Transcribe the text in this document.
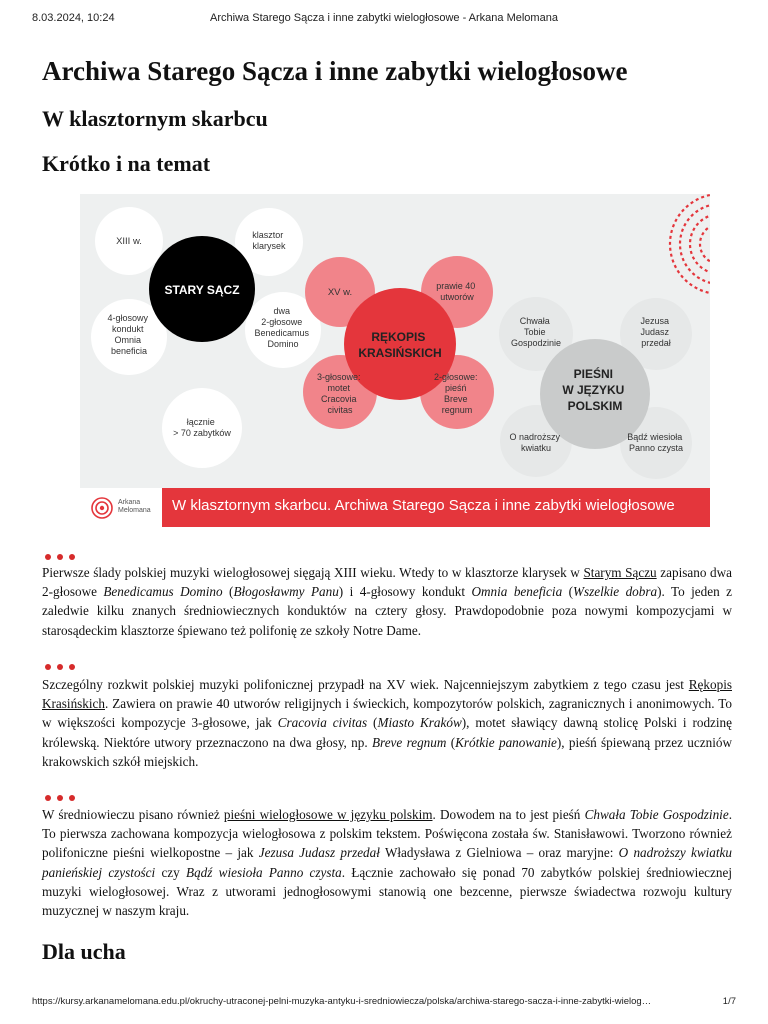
8.03.2024, 10:24	Archiwa Starego Sącza i inne zabytki wielogłosowe - Arkana Melomana
Archiwa Starego Sącza i inne zabytki wielogłosowe
W klasztornym skarbcu
Krótko i na temat
XIII w.
klasztor klarysek
4-głosowy kondukt Omnia beneficia
dwa 2-głosowe Benedicamus Domino
łącznie > 70 zabytków
STARY SĄCZ	XV w.
prawie 40 utworów
3-głosowe: motet Cracovia civitas
2-głosowe: pieśń Breve regnum
RĘKOPIS KRASIŃSKICH
Chwała Tobie Gospodzinie
Jezusa Judasz przedał
O nadroższy kwiatku
Bądź wiesioła Panno czysta
PIEŚNI W JĘZYKU POLSKIM
Arkana
Melomana W klasztornym skarbcu. Archiwa Starego Sącza i inne zabytki wielogłosowe

Pierwsze ślady polskiej muzyki wielogłosowej sięgają XIII wieku. Wtedy to w klasztorze klarysek w Starym Sączu zapisano dwa 2-głosowe Benedicamus Domino (Błogosławmy Panu) i 4-głosowy kondukt Omnia beneficia (Wszelkie dobra). To jeden z zaledwie kilku znanych średniowiecznych konduktów na cztery głosy. Prawdopodobnie poza nowymi kompozycjami w starosądeckim klasztorze śpiewano też polifonię ze szkoły Notre Dame.

Szczególny rozkwit polskiej muzyki polifonicznej przypadł na XV wiek. Najcenniejszym zabytkiem z tego czasu jest Rękopis Krasińskich. Zawiera on prawie 40 utworów religijnych i świeckich, kompozytorów polskich, zagranicznych i anonimowych. To w większości kompozycje 3-głosowe, jak Cracovia civitas (Miasto Kraków), motet sławiący dawną stolicę Polski i rodzinę królewską. Niektóre utwory przeznaczono na dwa głosy, np. Breve regnum (Krótkie panowanie), pieśń śpiewaną przez uczniów krakowskich szkół miejskich.

W średniowieczu pisano również pieśni wielogłosowe w języku polskim. Dowodem na to jest pieśń Chwała Tobie Gospodzinie. To pierwsza zachowana kompozycja wielogłosowa z polskim tekstem. Poświęcona została św. Stanisławowi. Tworzono również polifoniczne pieśni wielkopostne – jak Jezusa Judasz przedał Władysława z Gielniowa – oraz maryjne: O nadroższy kwiatku panieńskiej czystości czy Bądź wiesioła Panno czysta. Łącznie zachowało się ponad 70 zabytków polskiej średniowiecznej muzyki wielogłosowej. Wraz z utworami jednogłosowymi stanowią one bezcenne, pierwsze świadectwa rozwoju kultury muzycznej w naszym kraju.

Dla ucha
https://kursy.arkanamelomana.edu.pl/okruchy-utraconej-pelni-muzyka-antyku-i-sredniowiecza/polska/archiwa-starego-sacza-i-inne-zabytki-wielog…	1/7
